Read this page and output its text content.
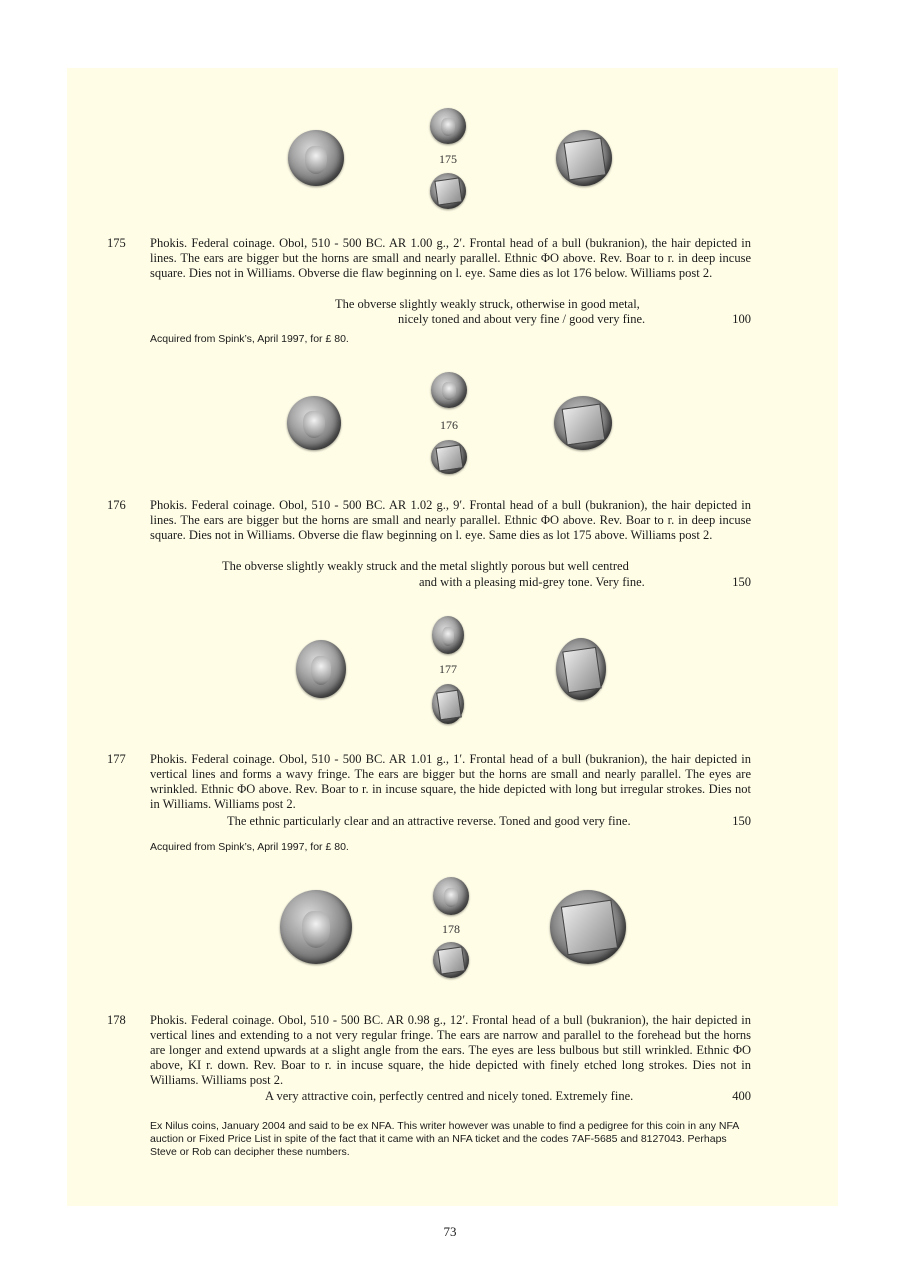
175
175 Phokis. Federal coinage. Obol, 510 - 500 BC. AR 1.00 g., 2′. Frontal head of a bull (bukranion), the hair depicted in lines. The ears are bigger but the horns are small and nearly parallel. Ethnic ΦO above. Rev. Boar to r. in deep incuse square. Dies not in Williams. Obverse die flaw beginning on l. eye. Same dies as lot 176 below. Williams post 2.
The obverse slightly weakly struck, otherwise in good metal,
nicely toned and about very fine / good very fine.	100
Acquired from Spink’s, April 1997, for £ 80.
176
176 Phokis. Federal coinage. Obol, 510 - 500 BC. AR 1.02 g., 9′. Frontal head of a bull (bukranion), the hair depicted in lines. The ears are bigger but the horns are small and nearly parallel. Ethnic ΦO above. Rev. Boar to r. in deep incuse square. Dies not in Williams. Obverse die flaw beginning on l. eye. Same dies as lot 175 above. Williams post 2.
The obverse slightly weakly struck and the metal slightly porous but well centred
and with a pleasing mid-grey tone. Very fine.	150
177
177 Phokis. Federal coinage. Obol, 510 - 500 BC. AR 1.01 g., 1′. Frontal head of a bull (bukranion), the hair depicted in vertical lines and forms a wavy fringe. The ears are bigger but the horns are small and nearly parallel. The eyes are wrinkled. Ethnic ΦO above. Rev. Boar to r. in incuse square, the hide depicted with long but irregular strokes. Dies not in Williams. Williams post 2.
The ethnic particularly clear and an attractive reverse. Toned and good very fine.	150
Acquired from Spink’s, April 1997, for £ 80.
178
178 Phokis. Federal coinage. Obol, 510 - 500 BC. AR 0.98 g., 12′. Frontal head of a bull (bukranion), the hair depicted in vertical lines and extending to a not very regular fringe. The ears are narrow and parallel to the forehead but the horns are longer and extend upwards at a slight angle from the ears. The eyes are less bulbous but still wrinkled. Ethnic ΦO above, KI r. down. Rev. Boar to r. in incuse square, the hide depicted with finely etched long strokes. Dies not in Williams. Williams post 2.
A very attractive coin, perfectly centred and nicely toned. Extremely fine.	400
Ex Nilus coins, January 2004 and said to be ex NFA. This writer however was unable to find a pedigree for this coin in any NFA auction or Fixed Price List in spite of the fact that it came with an NFA ticket and the codes 7AF-5685 and 8127043. Perhaps Steve or Rob can decipher these numbers.
73
